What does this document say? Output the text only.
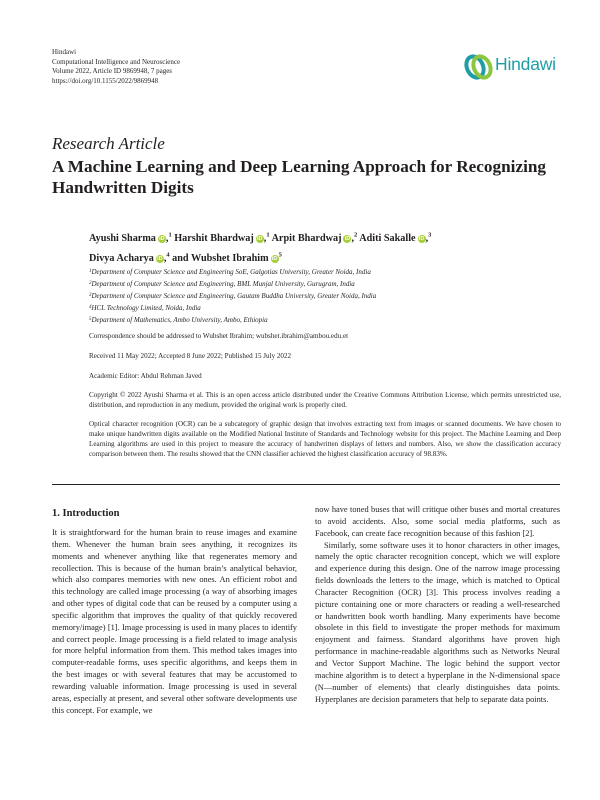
Hindawi
Computational Intelligence and Neuroscience
Volume 2022, Article ID 9869948, 7 pages
https://doi.org/10.1155/2022/9869948
Hindawi
Research Article
A Machine Learning and Deep Learning Approach for Recognizing Handwritten Digits
Ayushi Sharma iD,$^1$ Harshit Bhardwaj iD,$^1$ Arpit Bhardwaj iD,$^2$ Aditi Sakalle iD,$^3$
Divya Acharya iD,$^4$ and Wubshet Ibrahim $iD^5$
$^1$Department of Computer Science and Engineering SoE, Galgotias University, Greater Noida, India
$^2$Department of Computer Science and Engineering, BML Munjal University, Gurugram, India
$^3$Department of Computer Science and Engineering, Gautam Buddha University, Greater Noida, India
$^4$HCL Technology Limited, Noida, India
$^5$Department of Mathematics, Ambo University, Ambo, Ethiopia
Correspondence should be addressed to Wubshet Ibrahim; wubshet.ibrahim@ambou.edu.et
Received 11 May 2022; Accepted 8 June 2022; Published 15 July 2022
Academic Editor: Abdul Rehman Javed
Copyright © 2022 Ayushi Sharma et al. This is an open access article distributed under the Creative Commons Attribution License, which permits unrestricted use, distribution, and reproduction in any medium, provided the original work is properly cited.
Optical character recognition (OCR) can be a subcategory of graphic design that involves extracting text from images or scanned documents. We have chosen to make unique handwritten digits available on the Modified National Institute of Standards and Technology website for this project. The Machine Learning and Deep Learning algorithms are used in this project to measure the accuracy of handwritten displays of letters and numbers. Also, we show the classification accuracy comparison between them. The results showed that the CNN classifier achieved the highest classification accuracy of 98.83%.
1. Introduction

It is straightforward for the human brain to reuse images and examine them. Whenever the human brain sees anything, it recognizes its moments and whenever anything like that regenerates memory and recollection. This is because of the human brain’s analytical behavior, which also compares memories with new ones. An efficient robot and this technology are called image processing (a way of absorbing images and other types of digital code that can be reused by a computer using a specific algorithm that improves the quality of that quickly recovered memory/image) [1]. Image processing is used in many places to identify and correct people. Image processing is a field related to image analysis for more helpful information from them. This method takes images into computer-readable forms, uses specific algorithms, and keeps them in the best images or with several features that may be accustomed to rewarding valuable information. Image processing is used in several areas, especially at present, and several other software developments use this concept. For example, we

now have toned buses that will critique other buses and mortal creatures to avoid accidents. Also, some social media platforms, such as Facebook, can create face recognition because of this fashion [2].

Similarly, some software uses it to honor characters in other images, namely the optic character recognition concept, which we will explore and experience during this design. One of the narrow image processing fields downloads the letters to the image, which is matched to Optical Character Recognition (OCR) [3]. This process involves reading a picture containing one or more characters or reading a well-researched or handwritten book worth handling. Many experiments have become obsolete in this field to investigate the proper methods for maximum enjoyment and fairness. Standard algorithms have proven high performance in machine-readable algorithms such as Networks Neural and Vector Support Machine. The logic behind the support vector machine algorithm is to detect a hyperplane in the N-dimensional space (N—number of elements) that clearly distinguishes data points. Hyperplanes are decision parameters that help to separate data points.
